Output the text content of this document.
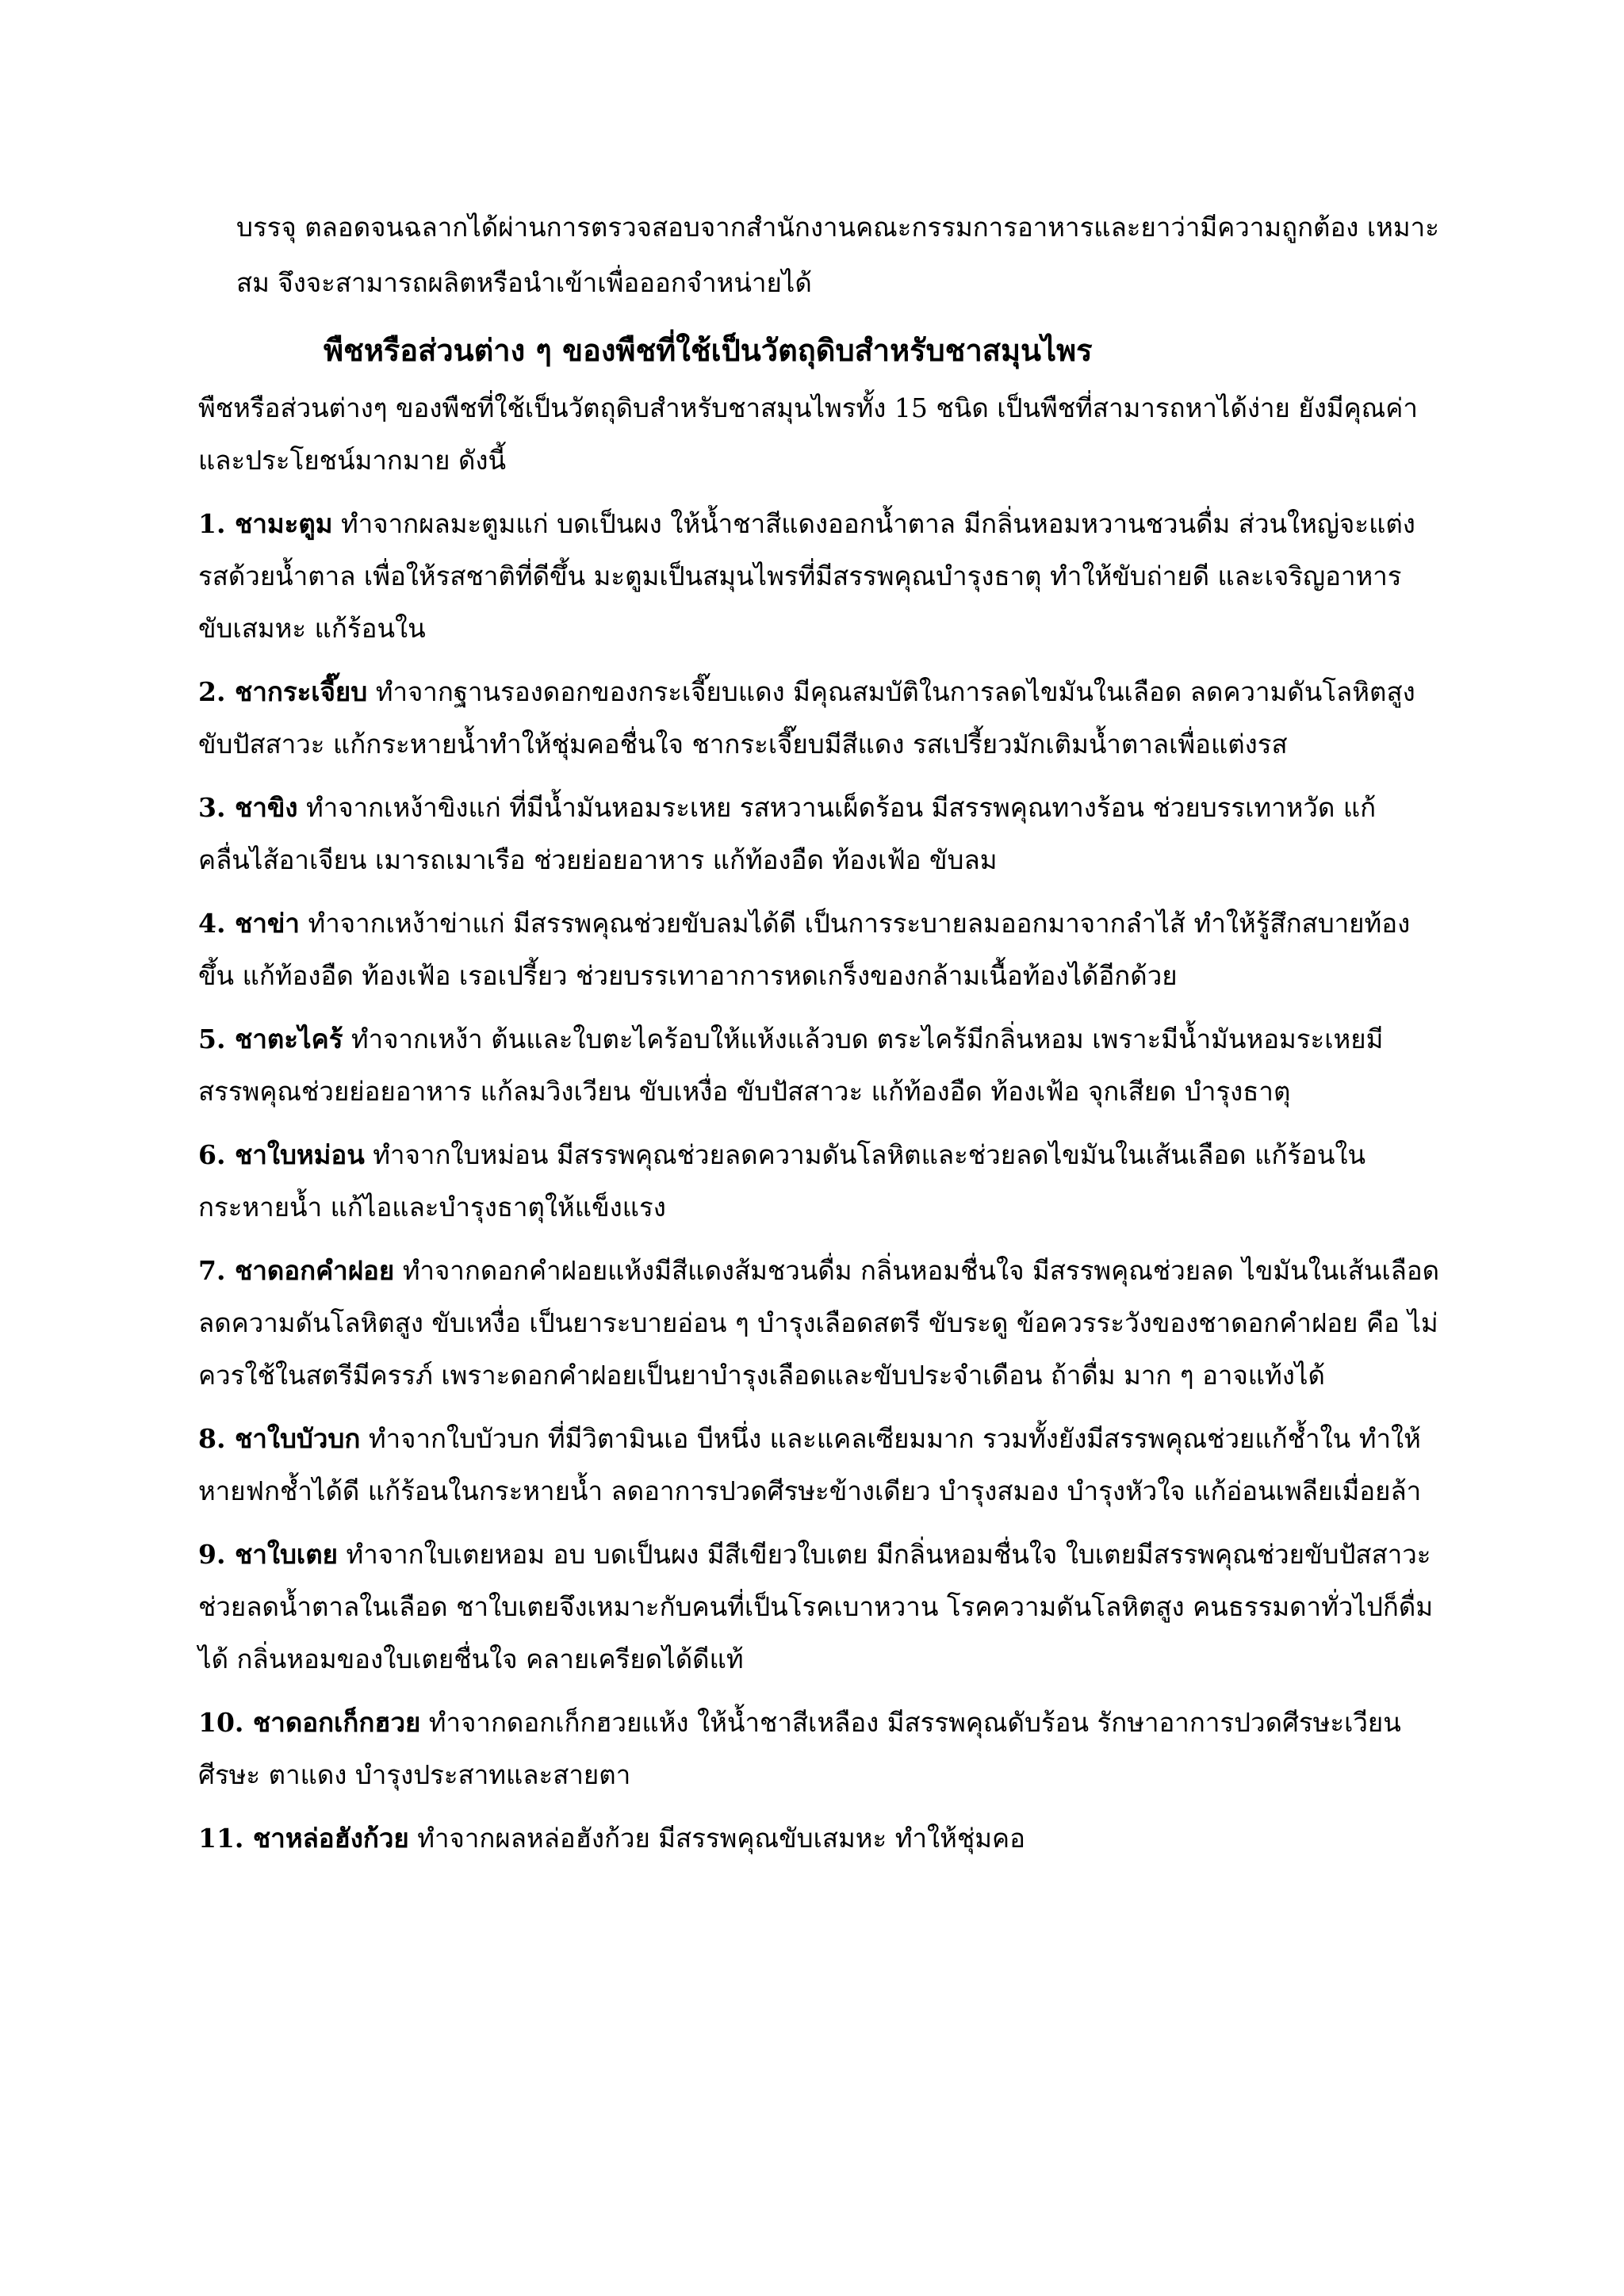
บรรจุ ตลอดจนฉลากได้ผ่านการตรวจสอบจากสำนักงานคณะกรรมการอาหารและยาว่ามีความถูกต้อง เหมาะสม จึงจะสามารถผลิตหรือนำเข้าเพื่อออกจำหน่ายได้

พืชหรือส่วนต่าง ๆ ของพืชที่ใช้เป็นวัตถุดิบสำหรับชาสมุนไพร

พืชหรือส่วนต่างๆ ของพืชที่ใช้เป็นวัตถุดิบสำหรับชาสมุนไพรทั้ง 15 ชนิด เป็นพืชที่สามารถหาได้ง่าย ยังมีคุณค่า และประโยชน์มากมาย ดังนี้

1. ชามะตูม ทำจากผลมะตูมแก่ บดเป็นผง ให้น้ำชาสีแดงออกน้ำตาล มีกลิ่นหอมหวานชวนดื่ม ส่วนใหญ่จะแต่งรสด้วยน้ำตาล เพื่อให้รสชาติที่ดีขึ้น มะตูมเป็นสมุนไพรที่มีสรรพคุณบำรุงธาตุ ทำให้ขับถ่ายดี และเจริญอาหาร ขับเสมหะ แก้ร้อนใน

2. ชากระเจี๊ยบ ทำจากฐานรองดอกของกระเจี๊ยบแดง มีคุณสมบัติในการลดไขมันในเลือด ลดความดันโลหิตสูง ขับปัสสาวะ แก้กระหายน้ำทำให้ชุ่มคอชื่นใจ ชากระเจี๊ยบมีสีแดง รสเปรี้ยวมักเติมน้ำตาลเพื่อแต่งรส

3. ชาขิง ทำจากเหง้าขิงแก่ ที่มีน้ำมันหอมระเหย รสหวานเผ็ดร้อน มีสรรพคุณทางร้อน ช่วยบรรเทาหวัด แก้คลื่นไส้อาเจียน เมารถเมาเรือ ช่วยย่อยอาหาร แก้ท้องอืด ท้องเฟ้อ ขับลม

4. ชาข่า ทำจากเหง้าข่าแก่ มีสรรพคุณช่วยขับลมได้ดี เป็นการระบายลมออกมาจากลำไส้ ทำให้รู้สึกสบายท้องขึ้น แก้ท้องอืด ท้องเฟ้อ เรอเปรี้ยว ช่วยบรรเทาอาการหดเกร็งของกล้ามเนื้อท้องได้อีกด้วย

5. ชาตะไคร้ ทำจากเหง้า ต้นและใบตะไคร้อบให้แห้งแล้วบด ตระไคร้มีกลิ่นหอม เพราะมีน้ำมันหอมระเหยมีสรรพคุณช่วยย่อยอาหาร แก้ลมวิงเวียน ขับเหงื่อ ขับปัสสาวะ แก้ท้องอืด ท้องเฟ้อ จุกเสียด บำรุงธาตุ

6. ชาใบหม่อน ทำจากใบหม่อน มีสรรพคุณช่วยลดความดันโลหิตและช่วยลดไขมันในเส้นเลือด แก้ร้อนในกระหายน้ำ แก้ไอและบำรุงธาตุให้แข็งแรง

7. ชาดอกคำฝอย ทำจากดอกคำฝอยแห้งมีสีแดงส้มชวนดื่ม กลิ่นหอมชื่นใจ มีสรรพคุณช่วยลด ไขมันในเส้นเลือด ลดความดันโลหิตสูง ขับเหงื่อ เป็นยาระบายอ่อน ๆ บำรุงเลือดสตรี ขับระดู ข้อควรระวังของชาดอกคำฝอย คือ ไม่ควรใช้ในสตรีมีครรภ์ เพราะดอกคำฝอยเป็นยาบำรุงเลือดและขับประจำเดือน ถ้าดื่ม มาก ๆ อาจแท้งได้

8. ชาใบบัวบก ทำจากใบบัวบก ที่มีวิตามินเอ บีหนึ่ง และแคลเซียมมาก รวมทั้งยังมีสรรพคุณช่วยแก้ช้ำใน ทำให้หายฟกช้ำได้ดี แก้ร้อนในกระหายน้ำ ลดอาการปวดศีรษะข้างเดียว บำรุงสมอง บำรุงหัวใจ แก้อ่อนเพลียเมื่อยล้า

9. ชาใบเตย ทำจากใบเตยหอม อบ บดเป็นผง มีสีเขียวใบเตย มีกลิ่นหอมชื่นใจ ใบเตยมีสรรพคุณช่วยขับปัสสาวะ ช่วยลดน้ำตาลในเลือด ชาใบเตยจึงเหมาะกับคนที่เป็นโรคเบาหวาน โรคความดันโลหิตสูง คนธรรมดาทั่วไปก็ดื่มได้ กลิ่นหอมของใบเตยชื่นใจ คลายเครียดได้ดีแท้

10. ชาดอกเก็กฮวย ทำจากดอกเก็กฮวยแห้ง ให้น้ำชาสีเหลือง มีสรรพคุณดับร้อน รักษาอาการปวดศีรษะเวียนศีรษะ ตาแดง บำรุงประสาทและสายตา

11. ชาหล่อฮังก้วย ทำจากผลหล่อฮังก้วย มีสรรพคุณขับเสมหะ ทำให้ชุ่มคอ
